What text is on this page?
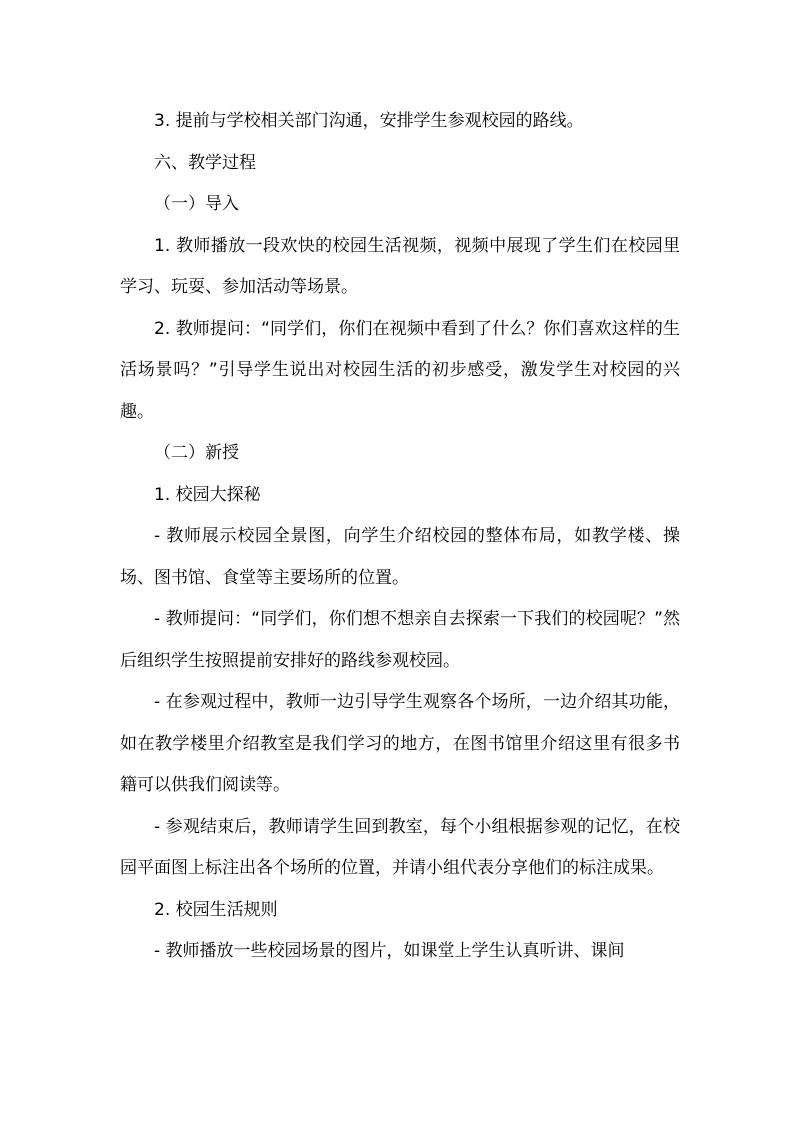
3. 提前与学校相关部门沟通，安排学生参观校园的路线。

六、教学过程

（一）导入

1. 教师播放一段欢快的校园生活视频，视频中展现了学生们在校园里学习、玩耍、参加活动等场景。

2. 教师提问：“同学们，你们在视频中看到了什么？你们喜欢这样的生活场景吗？”引导学生说出对校园生活的初步感受，激发学生对校园的兴趣。

（二）新授

1. 校园大探秘

- 教师展示校园全景图，向学生介绍校园的整体布局，如教学楼、操场、图书馆、食堂等主要场所的位置。

- 教师提问：“同学们，你们想不想亲自去探索一下我们的校园呢？”然后组织学生按照提前安排好的路线参观校园。

- 在参观过程中，教师一边引导学生观察各个场所，一边介绍其功能，如在教学楼里介绍教室是我们学习的地方，在图书馆里介绍这里有很多书籍可以供我们阅读等。

- 参观结束后，教师请学生回到教室，每个小组根据参观的记忆，在校园平面图上标注出各个场所的位置，并请小组代表分享他们的标注成果。

2. 校园生活规则

- 教师播放一些校园场景的图片，如课堂上学生认真听讲、课间
